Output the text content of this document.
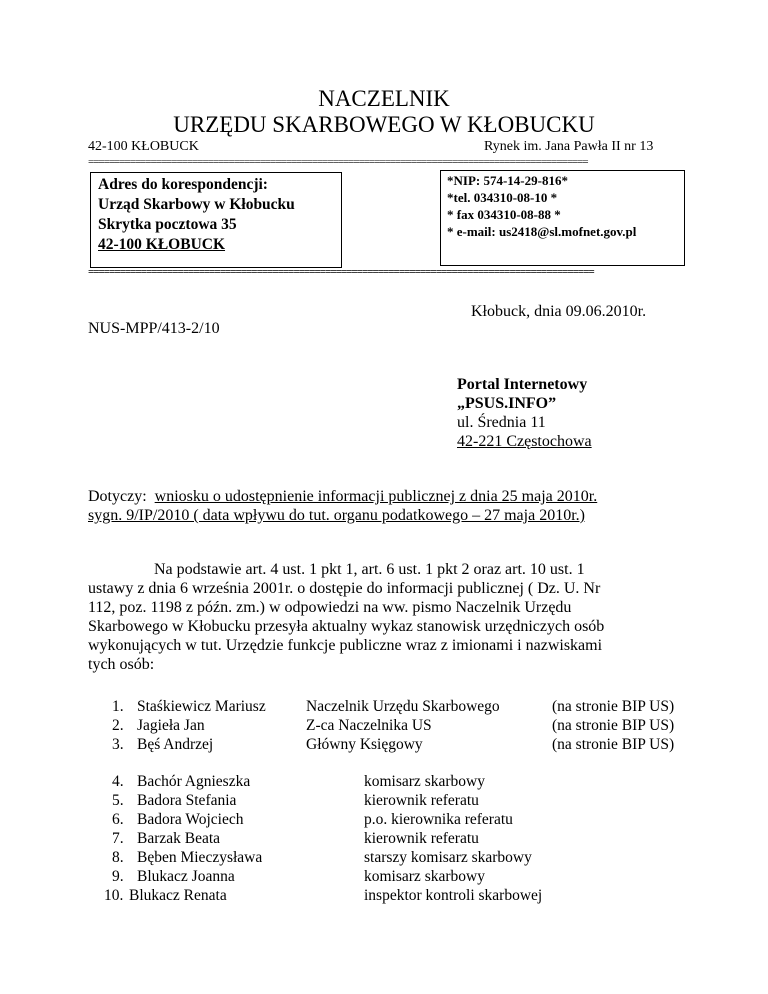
NACZELNIK
URZĘDU SKARBOWEGO W KŁOBUCKU
42-100 KŁOBUCK	Rynek im. Jana Pawła II nr 13
================================================================================================
Adres do korespondencji:
Urząd Skarbowy w Kłobucku
Skrytka pocztowa 35
42-100 KŁOBUCK
*NIP: 574-14-29-816*
*tel. 034310-08-10 *
* fax 034310-08-88 *
* e-mail: us2418@sl.mofnet.gov.pl
================================================================================================
Kłobuck, dnia 09.06.2010r.
NUS-MPP/413-2/10
Portal Internetowy
„PSUS.INFO”
ul. Średnia 11
42-221 Częstochowa
Dotyczy: wniosku o udostępnienie informacji publicznej z dnia 25 maja 2010r.
sygn. 9/IP/2010 ( data wpływu do tut. organu podatkowego – 27 maja 2010r.)
Na podstawie art. 4 ust. 1 pkt 1, art. 6 ust. 1 pkt 2 oraz art. 10 ust. 1
ustawy z dnia 6 września 2001r. o dostępie do informacji publicznej ( Dz. U. Nr
112, poz. 1198 z późn. zm.) w odpowiedzi na ww. pismo Naczelnik Urzędu
Skarbowego w Kłobucku przesyła aktualny wykaz stanowisk urzędniczych osób
wykonujących w tut. Urzędzie funkcje publiczne wraz z imionami i nazwiskami
tych osób:
1. Staśkiewicz Mariusz	Naczelnik Urzędu Skarbowego	(na stronie BIP US)
2. Jagieła Jan	Z-ca Naczelnika US	(na stronie BIP US)
3. Bęś Andrzej	Główny Księgowy	(na stronie BIP US)
4. Bachór Agnieszka	komisarz skarbowy
5. Badora Stefania	kierownik referatu
6. Badora Wojciech	p.o. kierownika referatu
7. Barzak Beata	kierownik referatu
8. Bęben Mieczysława	starszy komisarz skarbowy
9. Blukacz Joanna	komisarz skarbowy
10. Blukacz Renata	inspektor kontroli skarbowej
